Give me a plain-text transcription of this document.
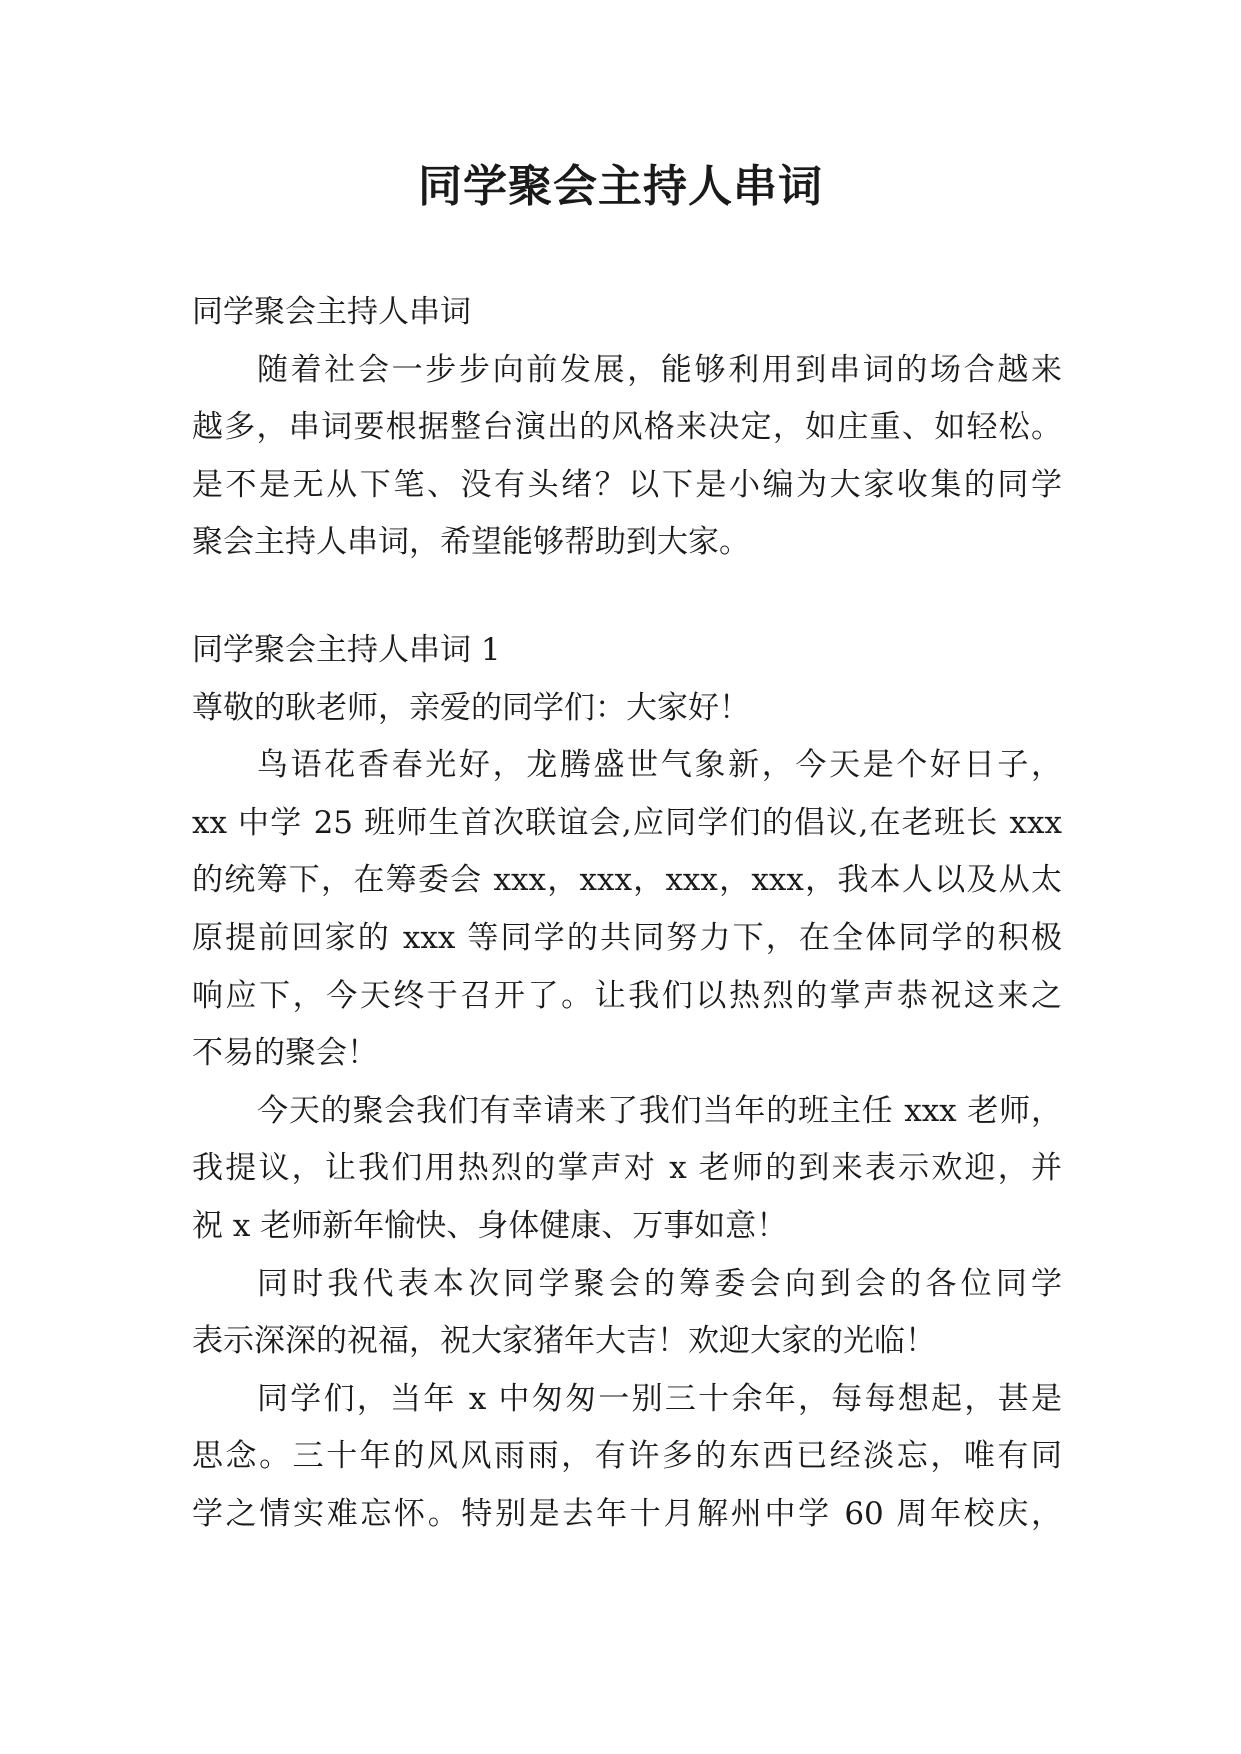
同学聚会主持人串词
同学聚会主持人串词
随着社会一步步向前发展，能够利用到串词的场合越来
越多，串词要根据整台演出的风格来决定，如庄重、如轻松。
是不是无从下笔、没有头绪？以下是小编为大家收集的同学
聚会主持人串词，希望能够帮助到大家。
同学聚会主持人串词 1
尊敬的耿老师，亲爱的同学们：大家好！
鸟语花香春光好，龙腾盛世气象新，今天是个好日子，
xx 中学 25 班师生首次联谊会,应同学们的倡议,在老班长 xxx
的统筹下，在筹委会 xxx，xxx，xxx，xxx，我本人以及从太
原提前回家的 xxx 等同学的共同努力下，在全体同学的积极
响应下，今天终于召开了。让我们以热烈的掌声恭祝这来之
不易的聚会！
今天的聚会我们有幸请来了我们当年的班主任 xxx 老师，
我提议，让我们用热烈的掌声对 x 老师的到来表示欢迎，并
祝 x 老师新年愉快、身体健康、万事如意！
同时我代表本次同学聚会的筹委会向到会的各位同学
表示深深的祝福，祝大家猪年大吉！欢迎大家的光临！
同学们，当年 x 中匆匆一别三十余年，每每想起，甚是
思念。三十年的风风雨雨，有许多的东西已经淡忘，唯有同
学之情实难忘怀。特别是去年十月解州中学 60 周年校庆，
